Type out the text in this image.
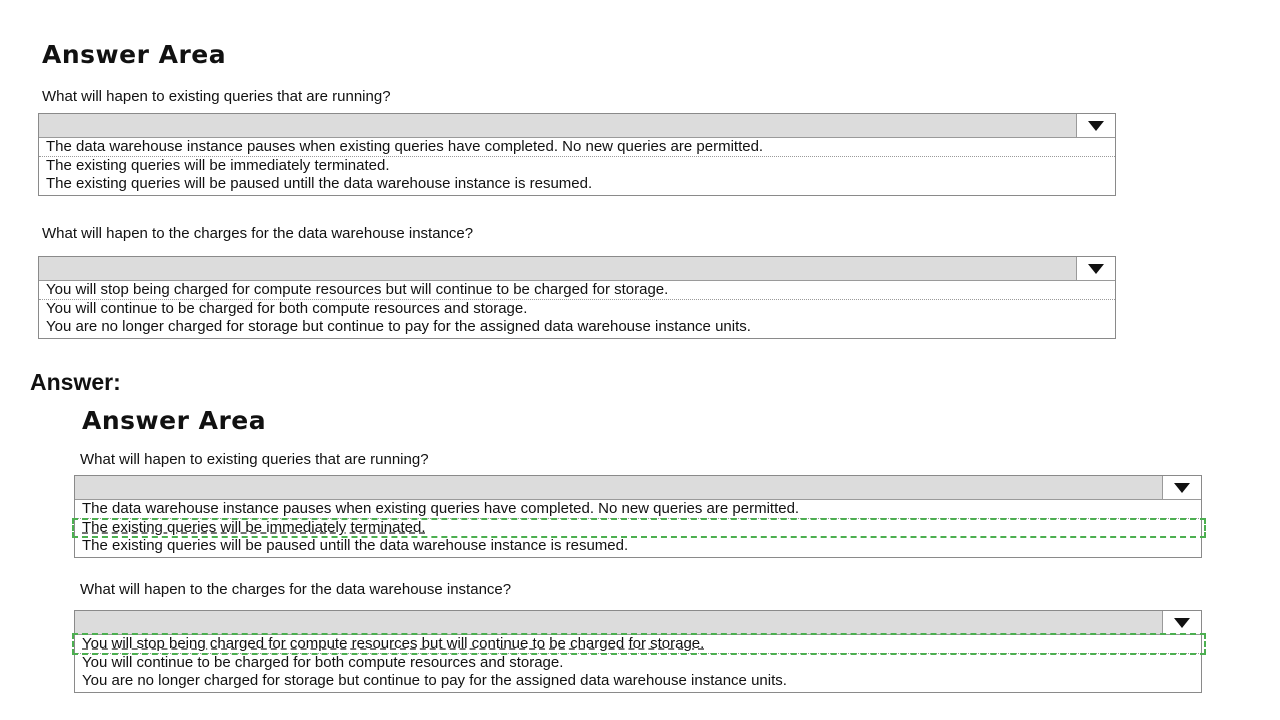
Answer Area

What will hapen to existing queries that are running?

The data warehouse instance pauses when existing queries have completed. No new queries are permitted.
The existing queries will be immediately terminated.
The existing queries will be paused untill the data warehouse instance is resumed.

What will hapen to the charges for the data warehouse instance?

You will stop being charged for compute resources but will continue to be charged for storage.
You will continue to be charged for both compute resources and storage.
You are no longer charged for storage but continue to pay for the assigned data warehouse instance units.

Answer:

Answer Area

What will hapen to existing queries that are running?

The data warehouse instance pauses when existing queries have completed. No new queries are permitted.
The existing queries will be immediately terminated.
The existing queries will be paused untill the data warehouse instance is resumed.

What will hapen to the charges for the data warehouse instance?

You will stop being charged for compute resources but will continue to be charged for storage.
You will continue to be charged for both compute resources and storage.
You are no longer charged for storage but continue to pay for the assigned data warehouse instance units.
